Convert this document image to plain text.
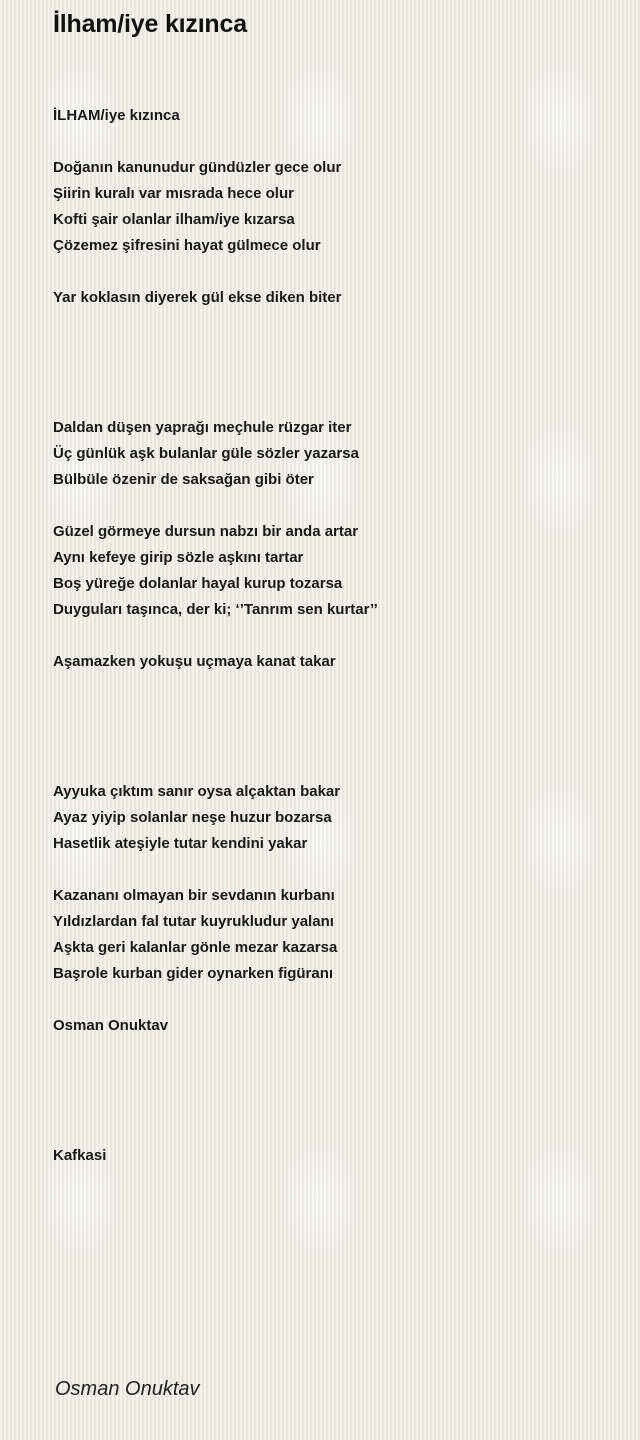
İlham/iye kızınca
İLHAM/iye kızınca
Doğanın kanunudur gündüzler gece olur
Şiirin kuralı var mısrada hece olur
Kofti şair olanlar ilham/iye kızarsa
Çözemez şifresini hayat gülmece olur
Yar koklasın diyerek gül ekse diken biter
Daldan düşen yaprağı meçhule rüzgar iter
Üç günlük aşk bulanlar güle sözler yazarsa
Bülbüle özenir de saksağan gibi öter
Güzel görmeye dursun nabzı bir anda artar
Aynı kefeye girip sözle aşkını tartar
Boş yüreğe dolanlar hayal kurup tozarsa
Duyguları taşınca, der ki; ‘’Tanrım sen kurtar’’
Aşamazken yokuşu uçmaya kanat takar
Ayyuka çıktım sanır oysa alçaktan bakar
Ayaz yiyip solanlar neşe huzur bozarsa
Hasetlik ateşiyle tutar kendini yakar
Kazananı olmayan bir sevdanın kurbanı
Yıldızlardan fal tutar kuyrukludur yalanı
Aşkta geri kalanlar gönle mezar kazarsa
Başrole kurban gider oynarken figüranı
Osman Onuktav
Kafkasi
Osman Onuktav
